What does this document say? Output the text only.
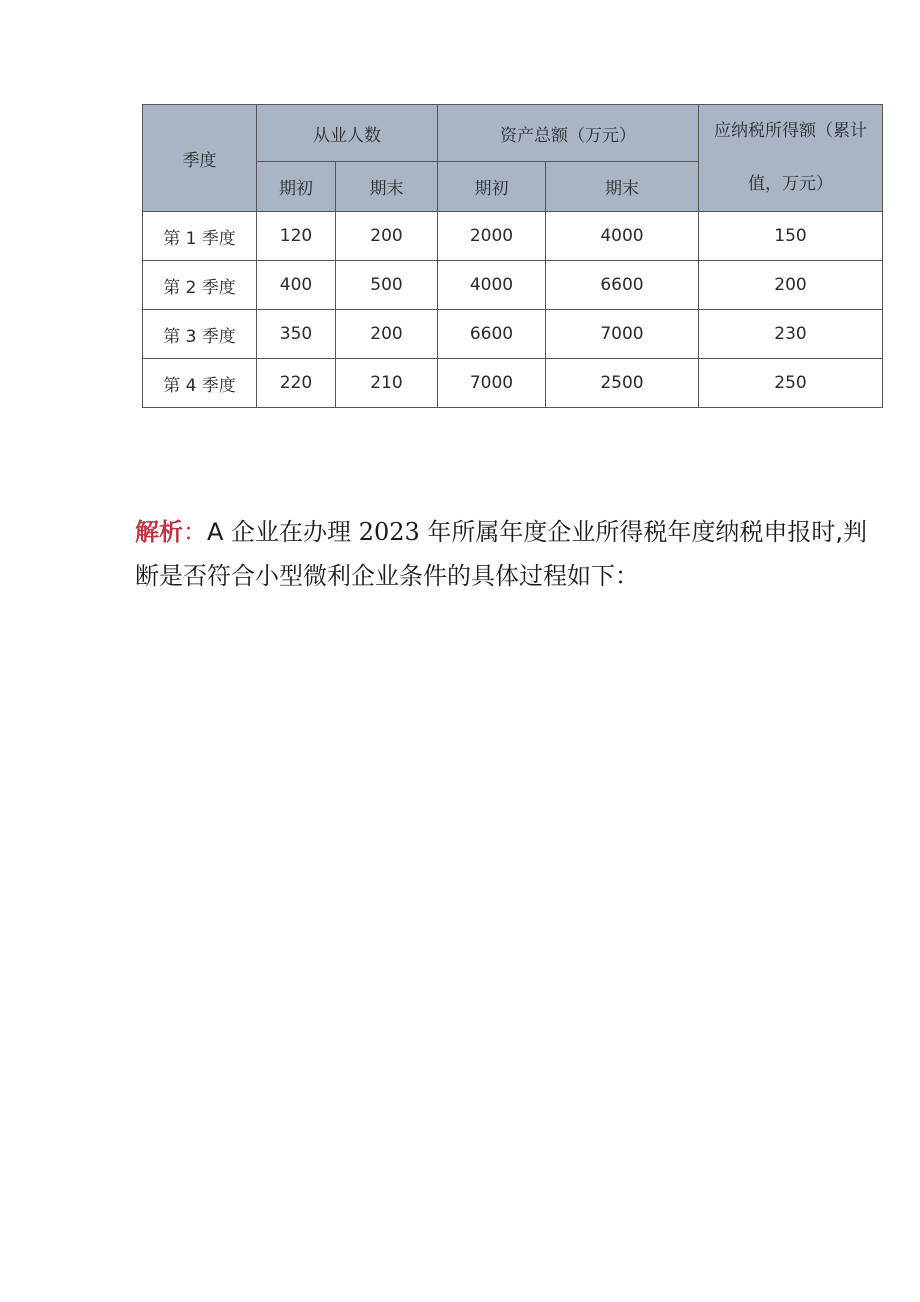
季度	从业人数		资产总额（万元）		应纳税所得额（累计值，万元）
	期初	期末	期初	期末	
第 1 季度	120	200	2000	4000	150
第 2 季度	400	500	4000	6600	200
第 3 季度	350	200	6600	7000	230
第 4 季度	220	210	7000	2500	250

解析：A 企业在办理 2023 年所属年度企业所得税年度纳税申报时,判断是否符合小型微利企业条件的具体过程如下：
